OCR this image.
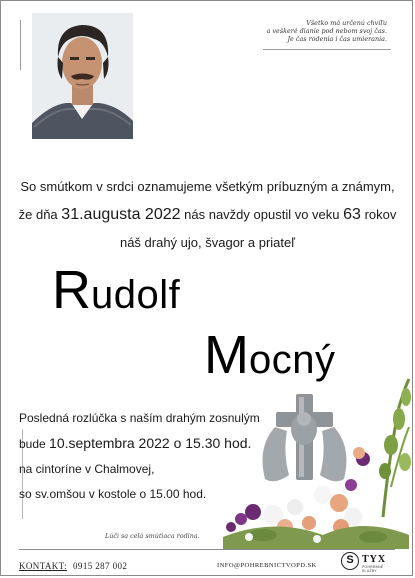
Všetko má určenú chvíľu
a veškeré dianie pod nebom svoj čas.
Je čas rodenia i čas umierania.
So smútkom v srdci oznamujeme všetkým príbuzným a známym,
že dňa 31.augusta 2022 nás navždy opustil vo veku 63 rokov
náš drahý ujo, švagor a priateľ
Rudolf
Mocný
Posledná rozlúčka s naším drahým zosnulým
bude 10.septembra 2022 o 15.30 hod.
na cintoríne v Chalmovej,
so sv.omšou v kostole o 15.00 hod.
Lúči sa celá smútiaca rodina.
KONTAKT: 0915 287 002	INFO@POHREBNICTVOPD.SK	S TYX
POHREBNÉ SLUŽBY
